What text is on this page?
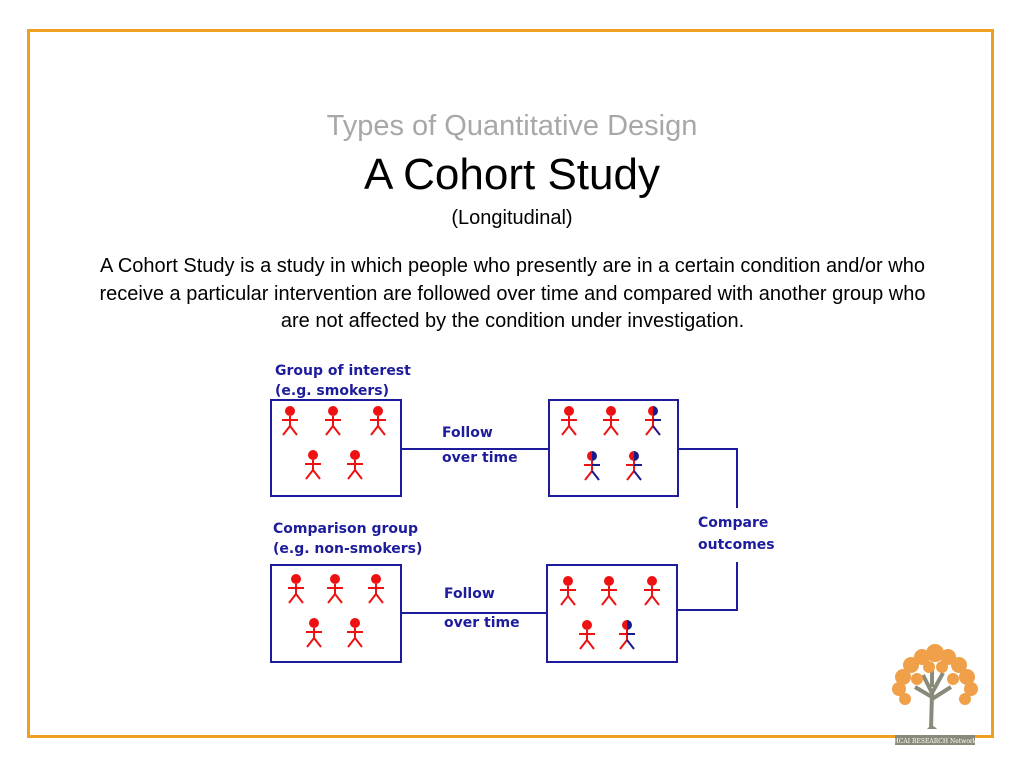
Types of Quantitative Design
A Cohort Study
(Longitudinal)
A Cohort Study is a study in which people who presently are in a certain condition and/or who receive a particular intervention are followed over time and compared with another group who are not affected by the condition under investigation.
Group of interest
(e.g. smokers)
Comparison group
(e.g. non-smokers)
Follow
over time
Follow
over time
Compare
outcomes
HCAI RESEARCH Network
